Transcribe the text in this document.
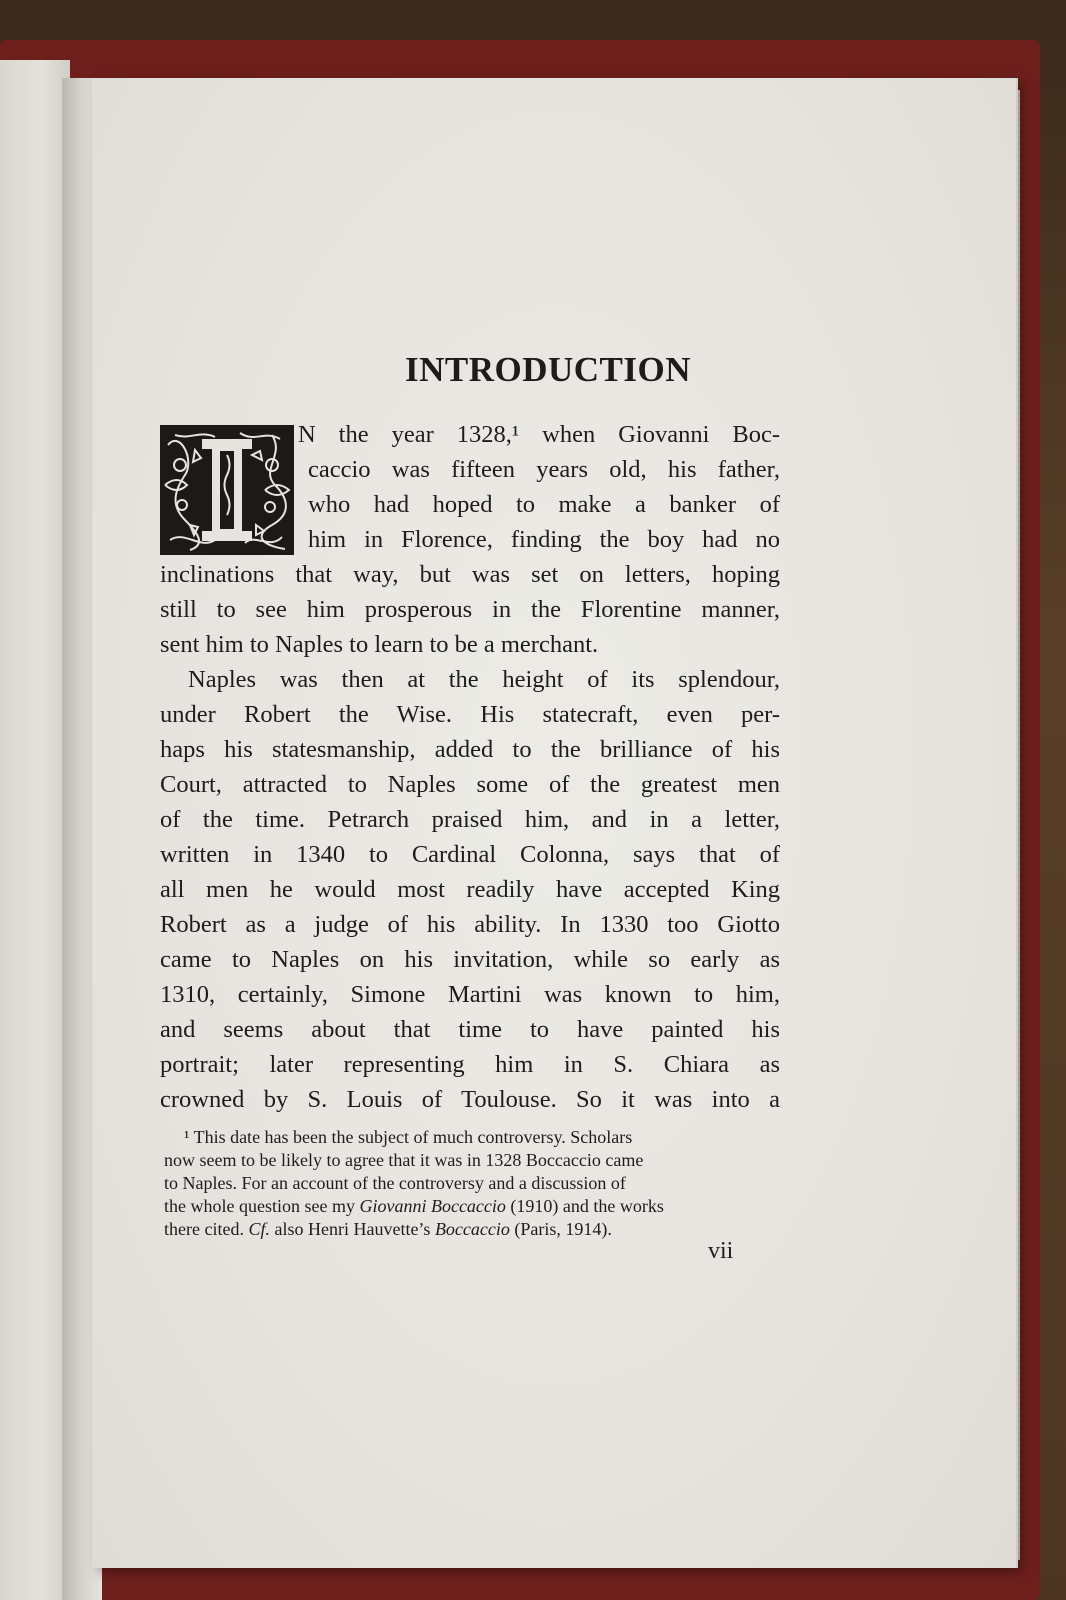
INTRODUCTION
N the year 1328,¹ when Giovanni Boc-
caccio was fifteen years old, his father,
who had hoped to make a banker of
him in Florence, finding the boy had no
inclinations that way, but was set on letters, hoping
still to see him prosperous in the Florentine manner,
sent him to Naples to learn to be a merchant.
Naples was then at the height of its splendour,
under Robert the Wise. His statecraft, even per-
haps his statesmanship, added to the brilliance of his
Court, attracted to Naples some of the greatest men
of the time. Petrarch praised him, and in a letter,
written in 1340 to Cardinal Colonna, says that of
all men he would most readily have accepted King
Robert as a judge of his ability. In 1330 too Giotto
came to Naples on his invitation, while so early as
1310, certainly, Simone Martini was known to him,
and seems about that time to have painted his
portrait; later representing him in S. Chiara as
crowned by S. Louis of Toulouse. So it was into a
¹ This date has been the subject of much controversy. Scholars
now seem to be likely to agree that it was in 1328 Boccaccio came
to Naples. For an account of the controversy and a discussion of
the whole question see my Giovanni Boccaccio (1910) and the works
there cited. Cf. also Henri Hauvette’s Boccaccio (Paris, 1914).
vii
